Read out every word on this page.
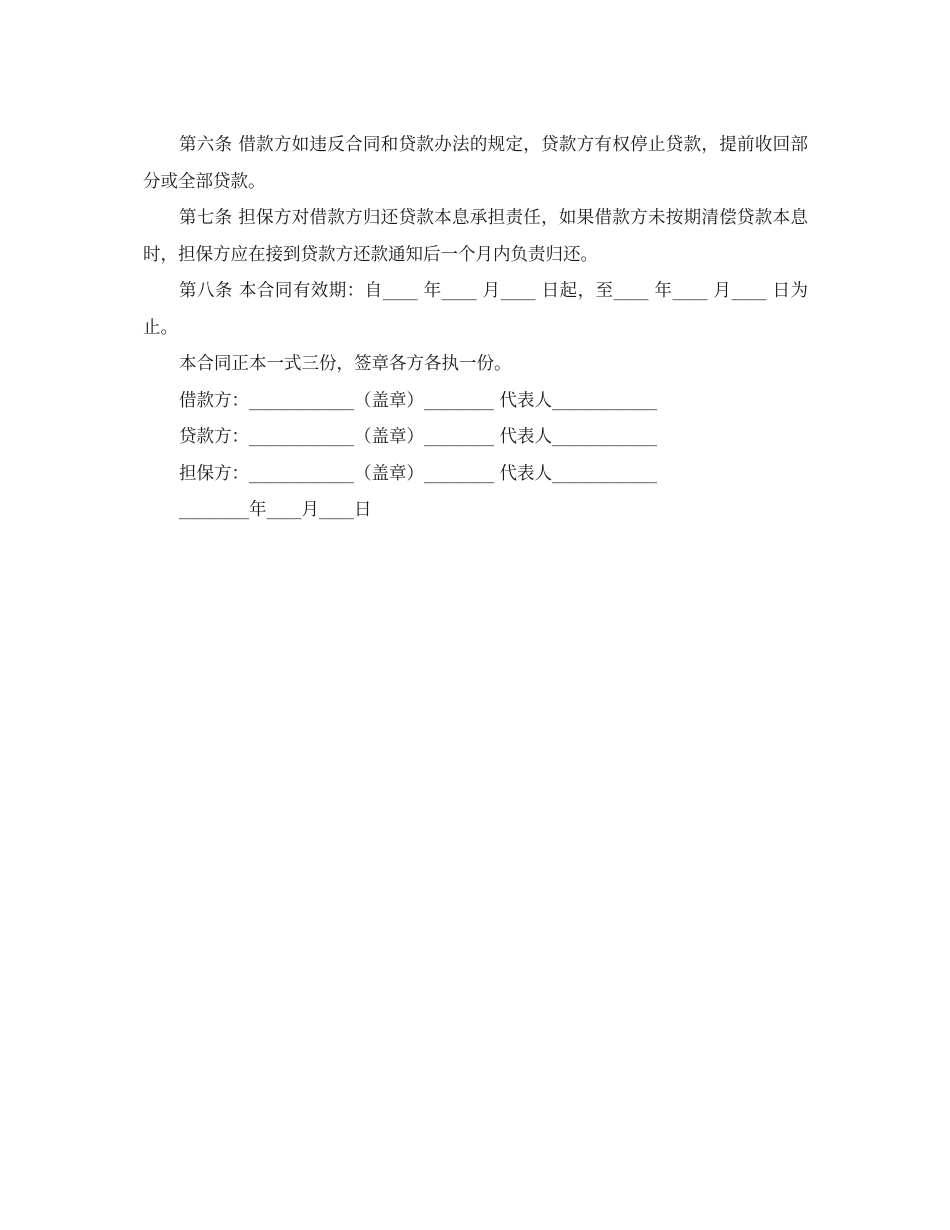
第六条 借款方如违反合同和贷款办法的规定，贷款方有权停止贷款，提前收回部分或全部贷款。

第七条 担保方对借款方归还贷款本息承担责任，如果借款方未按期清偿贷款本息时，担保方应在接到贷款方还款通知后一个月内负责归还。

第八条 本合同有效期：自____ 年____ 月____ 日起，至____ 年____ 月____ 日为止。

本合同正本一式三份，签章各方各执一份。

借款方：____________（盖章）________ 代表人____________

贷款方：____________（盖章）________ 代表人____________

担保方：____________（盖章）________ 代表人____________

________年____月____日
